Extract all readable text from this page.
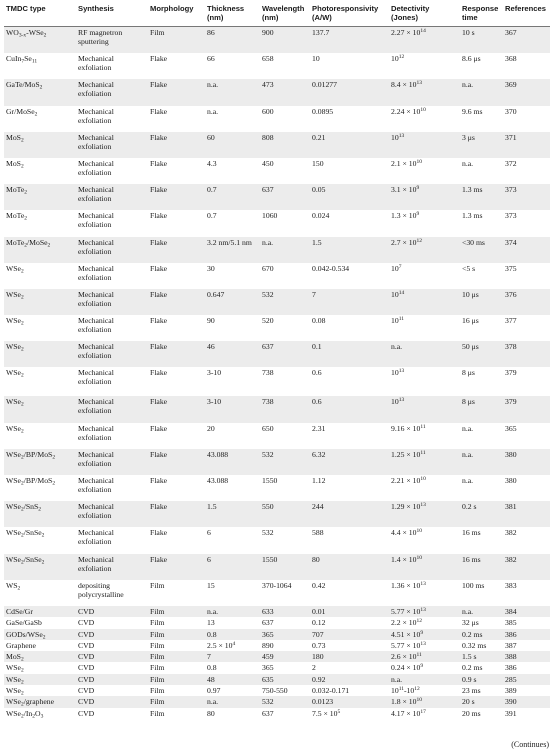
TMDC type	Synthesis	Morphology	Thickness (nm)	Wavelength (nm)	Photoresponsivity (A/W)	Detectivity (Jones)	Response time	References
$WO_{3-x}-WSe_2$	RF magnetron sputtering	Film	86	900	137.7	$2.27 \times 10^{14}$	10 s	367
$CuIn_7Se_{11}$	Mechanical exfoliation	Flake	66	658	10	$10^{12}$	8.6 μs	368
GaTe/MoS$_2$	Mechanical exfoliation	Flake	n.a.	473	0.01277	$8.4 \times 10^{13}$	n.a.	369
Gr/MoSe$_2$	Mechanical exfoliation	Flake	n.a.	600	0.0895	$2.24 \times 10^{10}$	9.6 ms	370
MoS$_2$	Mechanical exfoliation	Flake	60	808	0.21	$10^{13}$	3 μs	371
MoS$_2$	Mechanical exfoliation	Flake	4.3	450	150	$2.1 \times 10^{10}$	n.a.	372
MoTe$_2$	Mechanical exfoliation	Flake	0.7	637	0.05	$3.1 \times 10^9$	1.3 ms	373
MoTe$_2$	Mechanical exfoliation	Flake	0.7	1060	0.024	$1.3 \times 10^9$	1.3 ms	373
MoTe$_2$/MoSe$_2$	Mechanical exfoliation	Flake	3.2 nm/5.1 nm	n.a.	1.5	$2.7 \times 10^{12}$	<30 ms	374
WSe$_2$	Mechanical exfoliation	Flake	30	670	0.042-0.534	$10^7$	<5 s	375
WSe$_2$	Mechanical exfoliation	Flake	0.647	532	7	$10^{14}$	10 μs	376
WSe$_2$	Mechanical exfoliation	Flake	90	520	0.08	$10^{11}$	16 μs	377
WSe$_2$	Mechanical exfoliation	Flake	46	637	0.1	n.a.	50 μs	378
WSe$_2$	Mechanical exfoliation	Flake	3-10	738	0.6	$10^{13}$	8 μs	379
WSe$_2$	Mechanical exfoliation	Flake	3-10	738	0.6	$10^{13}$	8 μs	379
WSe$_2$	Mechanical exfoliation	Flake	20	650	2.31	$9.16 \times 10^{11}$	n.a.	365
WSe$_2$/BP/MoS$_2$	Mechanical exfoliation	Flake	43.088	532	6.32	$1.25 \times 10^{11}$	n.a.	380
WSe$_2$/BP/MoS$_2$	Mechanical exfoliation	Flake	43.088	1550	1.12	$2.21 \times 10^{10}$	n.a.	380
WSe$_2$/SnS$_2$	Mechanical exfoliation	Flake	1.5	550	244	$1.29 \times 10^{13}$	0.2 s	381
WSe$_2$/SnSe$_2$	Mechanical exfoliation	Flake	6	532	588	$4.4 \times 10^{10}$	16 ms	382
WSe$_2$/SnSe$_2$	Mechanical exfoliation	Flake	6	1550	80	$1.4 \times 10^{10}$	16 ms	382
$WS_2$	depositing polycrystalline	Film	15	370-1064	0.42	$1.36 \times 10^{13}$	100 ms	383
CdSe/Gr	CVD	Film	n.a.	633	0.01	$5.77 \times 10^{13}$	n.a.	384
GaSe/GaSb	CVD	Film	13	637	0.12	$2.2 \times 10^{12}$	32 μs	385
GODs/WSe$_2$	CVD	Film	0.8	365	707	$4.51 \times 10^9$	0.2 ms	386
Graphene	CVD	Film	$2.5 \times 10^4$	890	0.73	$5.77 \times 10^{13}$	0.32 ms	387
MoS$_2$	CVD	Film	7	459	180	$2.6 \times 10^{11}$	1.5 s	388
WSe$_2$	CVD	Film	0.8	365	2	$0.24 \times 10^9$	0.2 ms	386
WSe$_2$	CVD	Film	48	635	0.92	n.a.	0.9 s	285
WSe$_2$	CVD	Film	0.97	750-550	0.032-0.171	$10^{11}-10^{12}$	23 ms	389
WSe$_2$/graphene	CVD	Film	n.a.	532	0.0123	$1.8 \times 10^{10}$	20 s	390
$WSe_2/In_2O_3$	CVD	Film	80	637	$7.5 \times 10^5$	$4.17 \times 10^{17}$	20 ms	391
(Continues)
